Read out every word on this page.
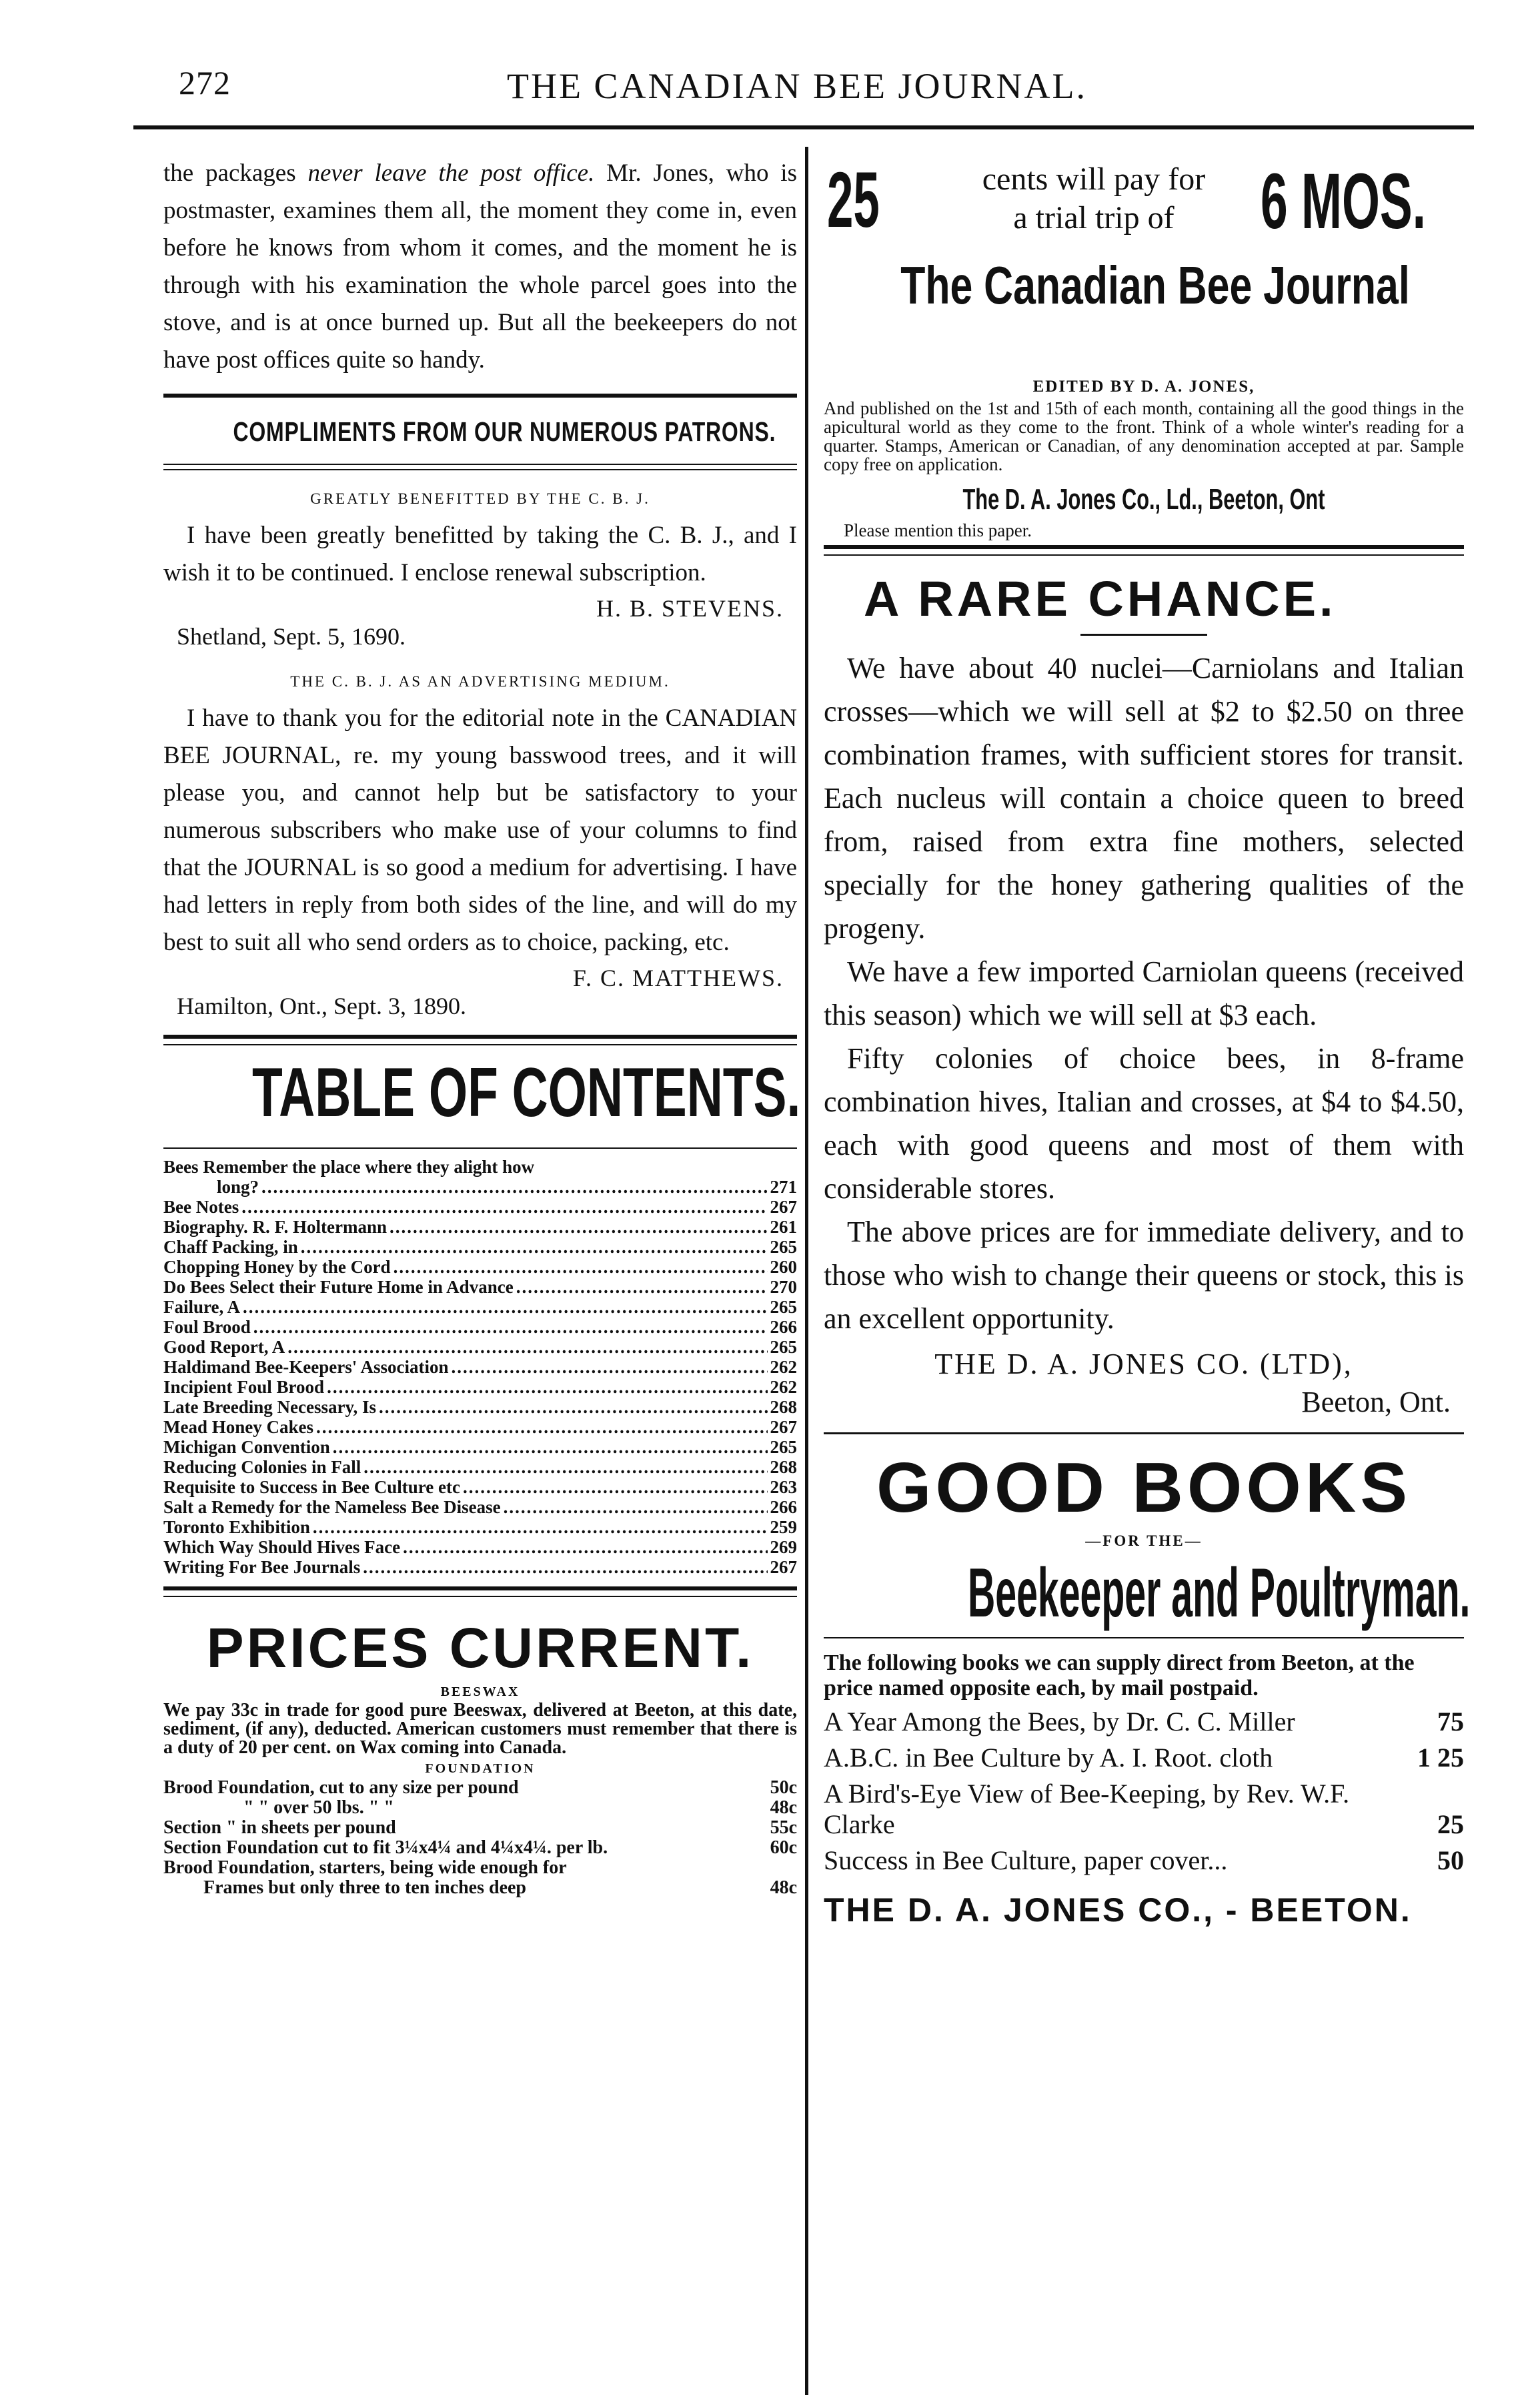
272	THE CANADIAN BEE JOURNAL.

the packages never leave the post office. Mr. Jones, who is postmaster, examines them all, the moment they come in, even before he knows from whom it comes, and the moment he is through with his examination the whole parcel goes into the stove, and is at once burned up. But all the beekeepers do not have post offices quite so handy.

COMPLIMENTS FROM OUR NUMEROUS PATRONS.
GREATLY BENEFITTED BY THE C. B. J.

I have been greatly benefitted by taking the C. B. J., and I wish it to be continued. I enclose renewal subscription.

H. B. STEVENS.
Shetland, Sept. 5, 1690.
THE C. B. J. AS AN ADVERTISING MEDIUM.

I have to thank you for the editorial note in the CANADIAN BEE JOURNAL, re. my young basswood trees, and it will please you, and cannot help but be satisfactory to your numerous subscribers who make use of your columns to find that the JOURNAL is so good a medium for advertising. I have had letters in reply from both sides of the line, and will do my best to suit all who send orders as to choice, packing, etc.

F. C. MATTHEWS.
Hamilton, Ont., Sept. 3, 1890.
TABLE OF CONTENTS.
Bees Remember the place where they alight how
long? .....	271
Bee Notes .....	267
Biography. R. F. Holtermann .....	261
Chaff Packing, in .....	265
Chopping Honey by the Cord .....	260
Do Bees Select their Future Home in Advance .....	270
Failure, A .....	265
Foul Brood .....	266
Good Report, A .....	265
Haldimand Bee-Keepers' Association .....	262
Incipient Foul Brood .....	262
Late Breeding Necessary, Is .....	268
Mead Honey Cakes .....	267
Michigan Convention .....	265
Reducing Colonies in Fall .....	268
Requisite to Success in Bee Culture etc .....	263
Salt a Remedy for the Nameless Bee Disease .....	266
Toronto Exhibition .....	259
Which Way Should Hives Face .....	269
Writing For Bee Journals .....	267
PRICES CURRENT.
BEESWAX
We pay 33c in trade for good pure Beeswax, delivered at Beeton, at this date, sediment, (if any), deducted. American customers must remember that there is a duty of 20 per cent. on Wax coming into Canada.
FOUNDATION
Brood Foundation, cut to any size per pound	50c
" " over 50 lbs. " "	48c
Section " in sheets per pound	55c
Section Foundation cut to fit 3¼x4¼ and 4¼x4¼. per lb.	60c
Brood Foundation, starters, being wide enough for
Frames but only three to ten inches deep	48c
25	cents will pay for
a trial trip of	6 MOS.
The Canadian Bee Journal
EDITED BY D. A. JONES,
And published on the 1st and 15th of each month, containing all the good things in the apicultural world as they come to the front. Think of a whole winter's reading for a quarter. Stamps, American or Canadian, of any denomination accepted at par. Sample copy free on application.
The D. A. Jones Co., Ld., Beeton, Ont
Please mention this paper.
A RARE CHANCE.

We have about 40 nuclei—Carniolans and Italian crosses—which we will sell at $2 to $2.50 on three combination frames, with sufficient stores for transit. Each nucleus will contain a choice queen to breed from, raised from extra fine mothers, selected specially for the honey gathering qualities of the progeny.

We have a few imported Carniolan queens (received this season) which we will sell at $3 each.

Fifty colonies of choice bees, in 8-frame combination hives, Italian and crosses, at $4 to $4.50, each with good queens and most of them with considerable stores.

The above prices are for immediate delivery, and to those who wish to change their queens or stock, this is an excellent opportunity.

THE D. A. JONES CO. (LTD),
Beeton, Ont.
GOOD BOOKS
—FOR THE—
Beekeeper and Poultryman.
The following books we can supply direct from Beeton, at the price named opposite each, by mail postpaid.
A Year Among the Bees, by Dr. C. C. Miller	75
A.B.C. in Bee Culture by A. I. Root. cloth	1 25
A Bird's-Eye View of Bee-Keeping, by Rev. W.F. Clarke	25
Success in Bee Culture, paper cover...	50
THE D. A. JONES CO., - BEETON.
